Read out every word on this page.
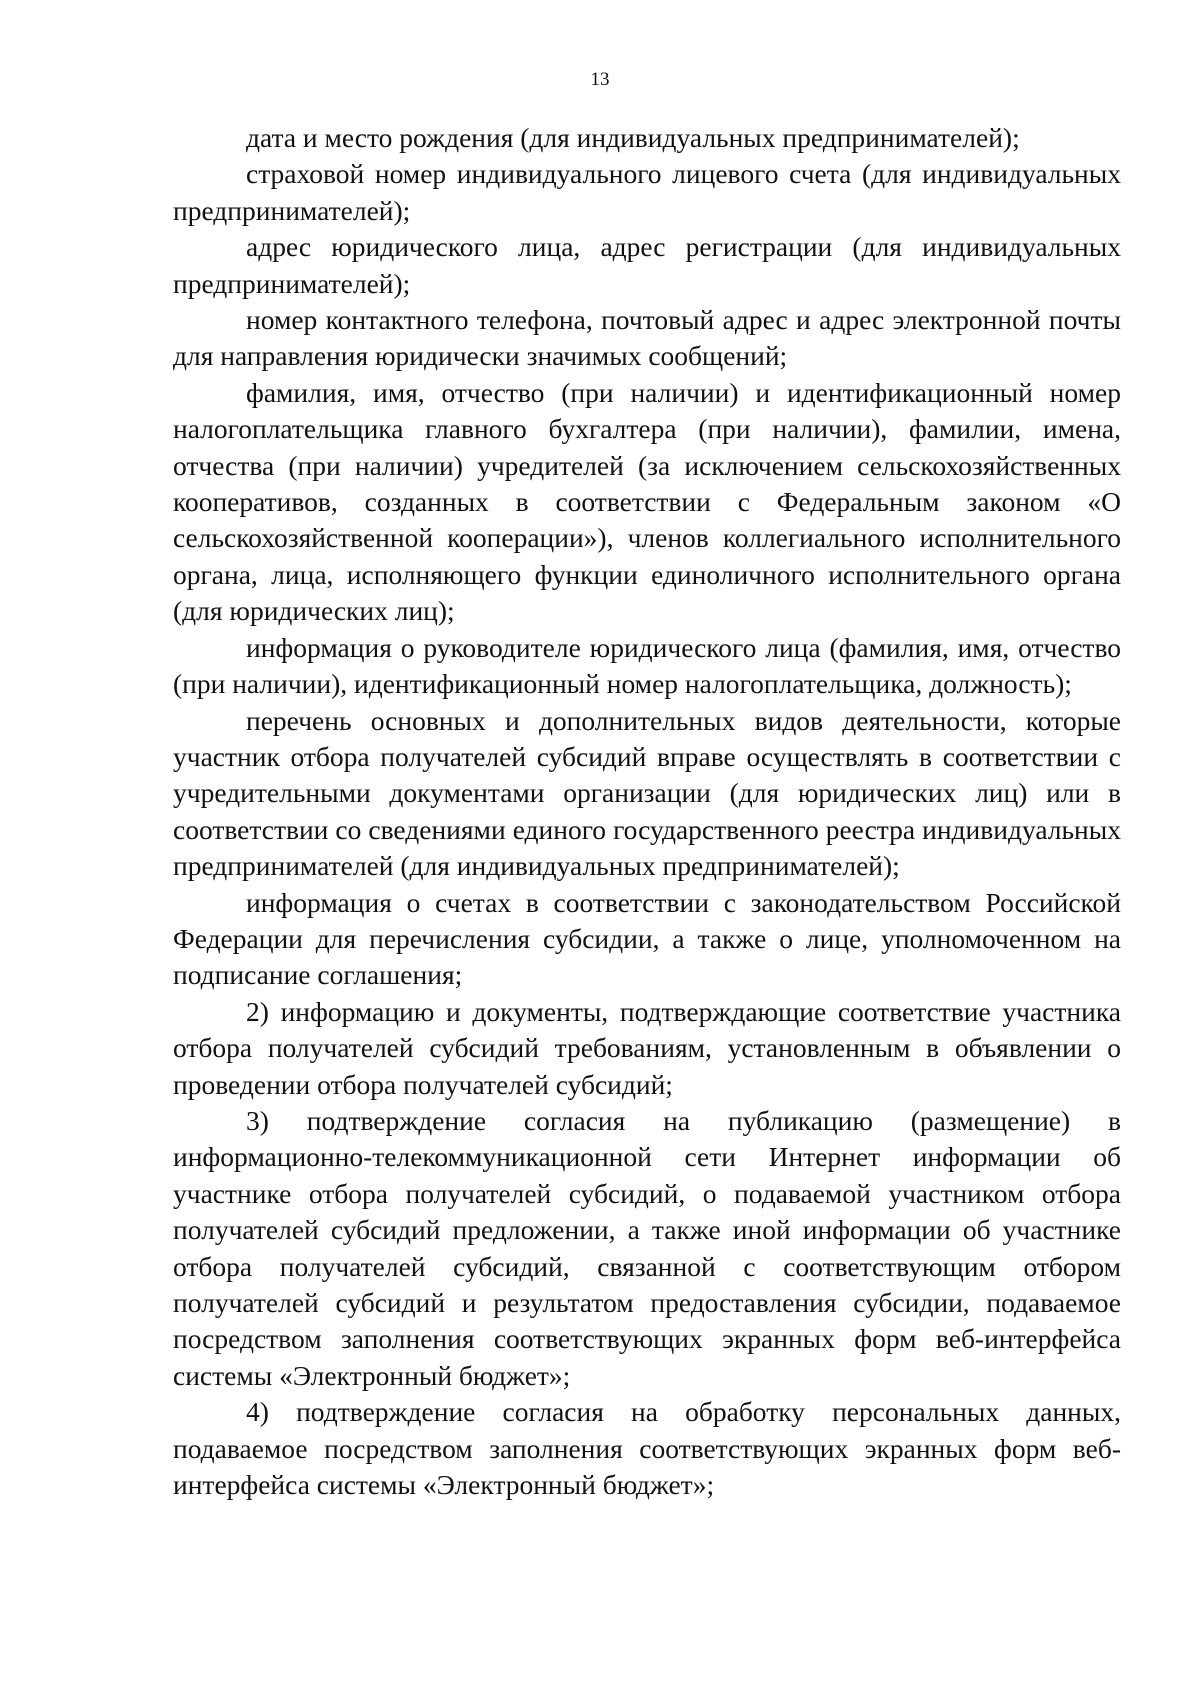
13

дата и место рождения (для индивидуальных предпринимателей);

страховой номер индивидуального лицевого счета (для индивидуальных предпринимателей);

адрес юридического лица, адрес регистрации (для индивидуальных предпринимателей);

номер контактного телефона, почтовый адрес и адрес электронной почты для направления юридически значимых сообщений;

фамилия, имя, отчество (при наличии) и идентификационный номер налогоплательщика главного бухгалтера (при наличии), фамилии, имена, отчества (при наличии) учредителей (за исключением сельскохозяйственных кооперативов, созданных в соответствии с Федеральным законом «О сельскохозяйственной кооперации»), членов коллегиального исполнительного органа, лица, исполняющего функции единоличного исполнительного органа (для юридических лиц);

информация о руководителе юридического лица (фамилия, имя, отчество (при наличии), идентификационный номер налогоплательщика, должность);

перечень основных и дополнительных видов деятельности, которые участник отбора получателей субсидий вправе осуществлять в соответствии с учредительными документами организации (для юридических лиц) или в соответствии со сведениями единого государственного реестра индивидуальных предпринимателей (для индивидуальных предпринимателей);

информация о счетах в соответствии с законодательством Российской Федерации для перечисления субсидии, а также о лице, уполномоченном на подписание соглашения;

2) информацию и документы, подтверждающие соответствие участника отбора получателей субсидий требованиям, установленным в объявлении о проведении отбора получателей субсидий;

3) подтверждение согласия на публикацию (размещение) в информационно-телекоммуникационной сети Интернет информации об участнике отбора получателей субсидий, о подаваемой участником отбора получателей субсидий предложении, а также иной информации об участнике отбора получателей субсидий, связанной с соответствующим отбором получателей субсидий и результатом предоставления субсидии, подаваемое посредством заполнения соответствующих экранных форм веб-интерфейса системы «Электронный бюджет»;

4) подтверждение согласия на обработку персональных данных, подаваемое посредством заполнения соответствующих экранных форм веб-интерфейса системы «Электронный бюджет»;
